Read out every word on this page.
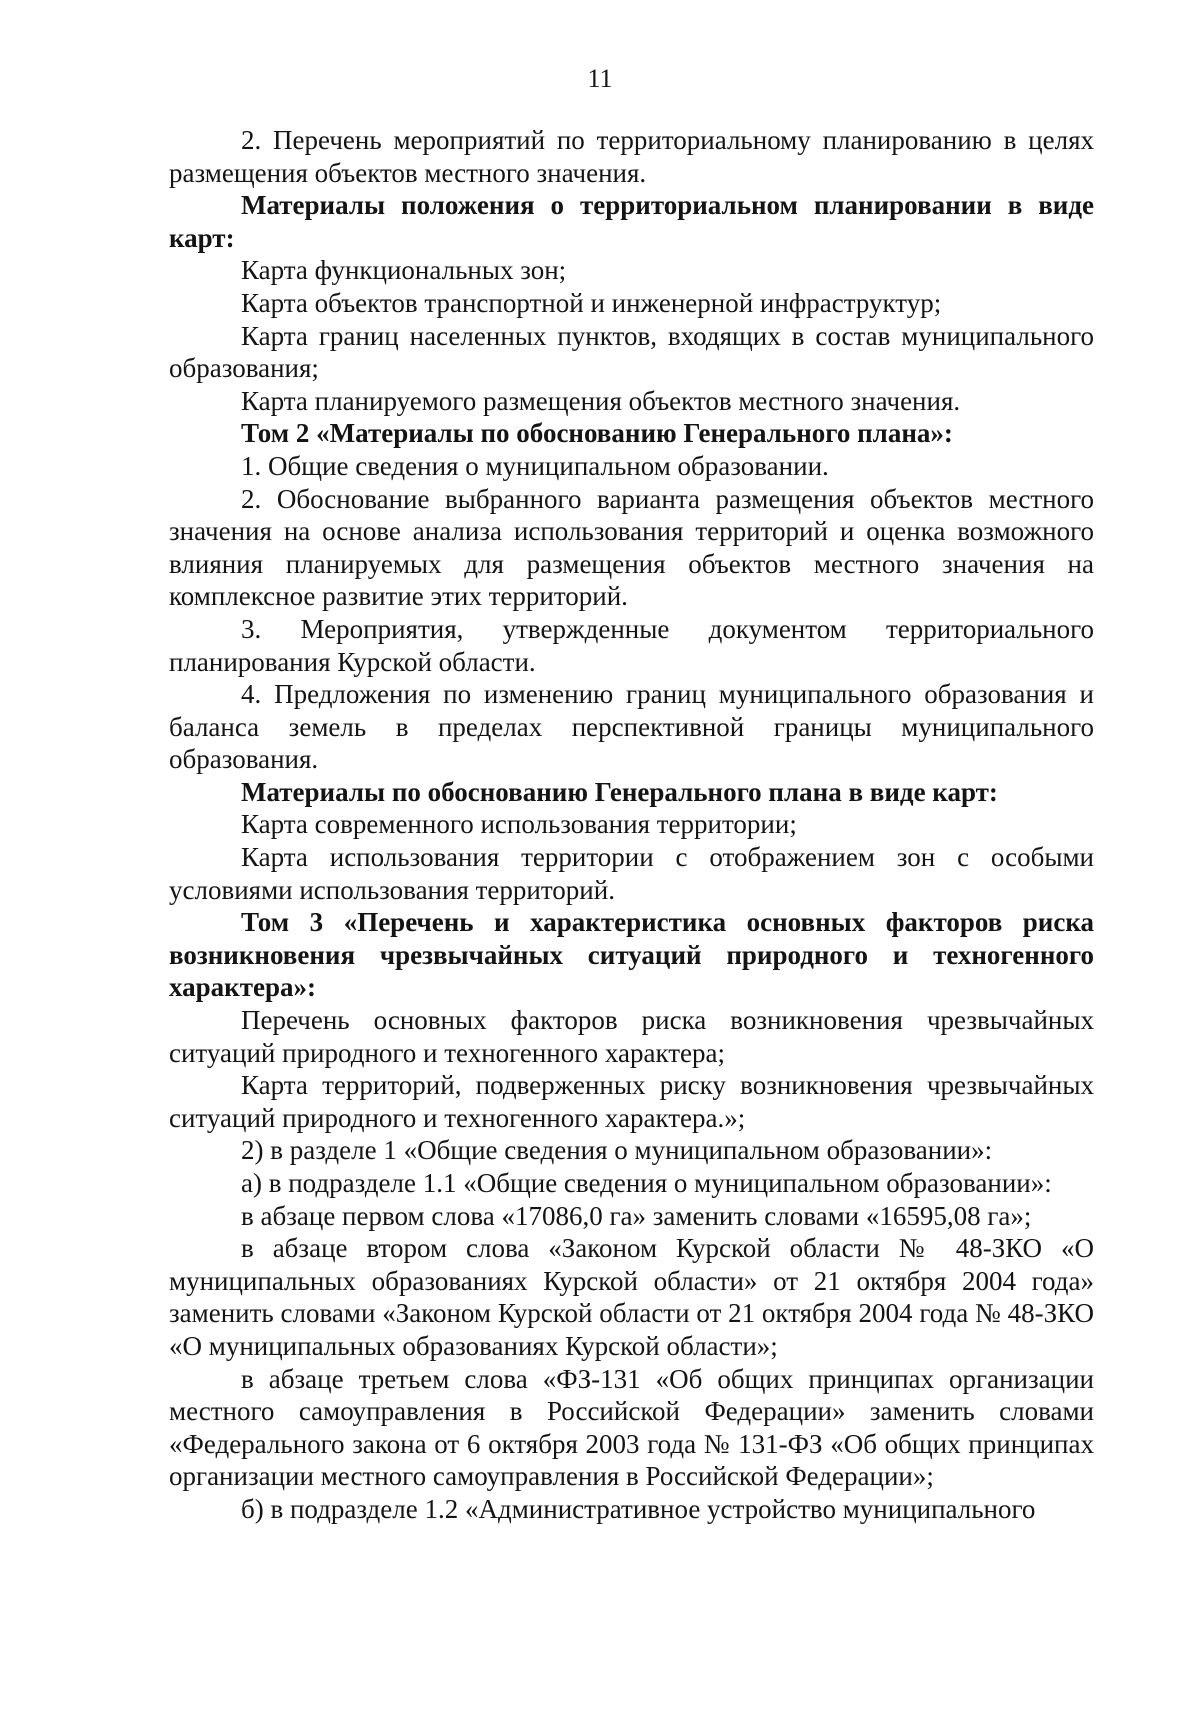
11

2. Перечень мероприятий по территориальному планированию в целях размещения объектов местного значения.

Материалы положения о территориальном планировании в виде карт:

Карта функциональных зон;

Карта объектов транспортной и инженерной инфраструктур;

Карта границ населенных пунктов, входящих в состав муниципального образования;

Карта планируемого размещения объектов местного значения.

Том 2 «Материалы по обоснованию Генерального плана»:

1. Общие сведения о муниципальном образовании.

2. Обоснование выбранного варианта размещения объектов местного значения на основе анализа использования территорий и оценка возможного влияния планируемых для размещения объектов местного значения на комплексное развитие этих территорий.

3. Мероприятия, утвержденные документом территориального планирования Курской области.

4. Предложения по изменению границ муниципального образования и баланса земель в пределах перспективной границы муниципального образования.

Материалы по обоснованию Генерального плана в виде карт:

Карта современного использования территории;

Карта использования территории с отображением зон с особыми условиями использования территорий.

Том 3 «Перечень и характеристика основных факторов риска возникновения чрезвычайных ситуаций природного и техногенного характера»:

Перечень основных факторов риска возникновения чрезвычайных ситуаций природного и техногенного характера;

Карта территорий, подверженных риску возникновения чрезвычайных ситуаций природного и техногенного характера.»;

2) в разделе 1 «Общие сведения о муниципальном образовании»:

а) в подразделе 1.1 «Общие сведения о муниципальном образовании»:

в абзаце первом слова «17086,0 га» заменить словами «16595,08 га»;

в абзаце втором слова «Законом Курской области № 48-ЗКО «О муниципальных образованиях Курской области» от 21 октября 2004 года» заменить словами «Законом Курской области от 21 октября 2004 года № 48-ЗКО «О муниципальных образованиях Курской области»;

в абзаце третьем слова «ФЗ-131 «Об общих принципах организации местного самоуправления в Российской Федерации» заменить словами «Федерального закона от 6 октября 2003 года № 131-ФЗ «Об общих принципах организации местного самоуправления в Российской Федерации»;

б) в подразделе 1.2 «Административное устройство муниципального
